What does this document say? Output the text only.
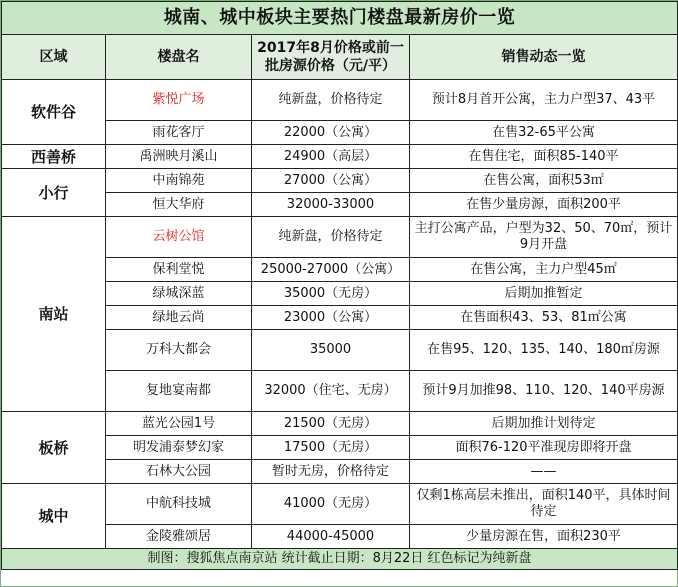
城南、城中板块主要热门楼盘最新房价一览			
区域	楼盘名	2017年8月价格或前一批房源价格（元/平）	销售动态一览
软件谷	紫悦广场	纯新盘，价格待定	预计8月首开公寓，主力户型37、43平
	雨花客厅	22000（公寓）	在售32-65平公寓
西善桥	禹洲映月溪山	24900（高层）	在售住宅，面积85-140平
小行	中南锦苑	27000（公寓）	在售公寓，面积53㎡
	恒大华府	32000-33000	在售少量房源，面积200平
南站	云树公馆	纯新盘，价格待定	主打公寓产品，户型为32、50、70㎡，预计9月开盘
	保利堂悦	25000-27000（公寓）	在售公寓，主力户型45㎡
	绿城深蓝	35000（无房）	后期加推暂定
	绿地云尚	23000（公寓）	在售面积43、53、81㎡公寓
	万科大都会	35000	在售95、120、135、140、180㎡房源
	复地宴南都	32000（住宅、无房）	预计9月加推98、110、120、140平房源
板桥	蓝光公园1号	21500（无房）	后期加推计划待定
	明发浦泰梦幻家	17500（无房）	面积76-120平准现房即将开盘
	石林大公园	暂时无房，价格待定	——
城中	中航科技城	41000（无房）	仅剩1栋高层未推出，面积140平，具体时间待定
	金陵雅颂居	44000-45000	少量房源在售，面积230平
制图：搜狐焦点南京站 统计截止日期：8月22日 红色标记为纯新盘			
